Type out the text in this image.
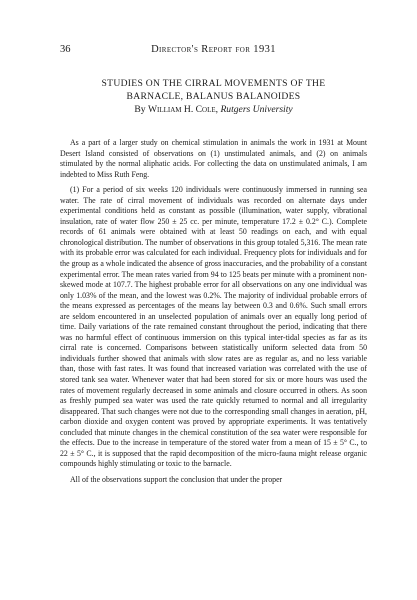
36	Director's Report for 1931
STUDIES ON THE CIRRAL MOVEMENTS OF THE
BARNACLE, BALANUS BALANOIDES
By William H. Cole, Rutgers University

As a part of a larger study on chemical stimulation in animals the work in 1931 at Mount Desert Island consisted of observations on (1) unstimulated animals, and (2) on animals stimulated by the normal aliphatic acids. For collecting the data on unstimulated animals, I am indebted to Miss Ruth Feng.

(1) For a period of six weeks 120 individuals were continuously immersed in running sea water. The rate of cirral movement of individuals was recorded on alternate days under experimental conditions held as constant as possible (illumination, water supply, vibrational insulation, rate of water flow 250 ± 25 cc. per minute, temperature 17.2 ± 0.2° C.). Complete records of 61 animals were obtained with at least 50 readings on each, and with equal chronological distribution. The number of observations in this group totaled 5,316. The mean rate with its probable error was calculated for each individual. Frequency plots for individuals and for the group as a whole indicated the absence of gross inaccuracies, and the probability of a constant experimental error. The mean rates varied from 94 to 125 beats per minute with a prominent non-skewed mode at 107.7. The highest probable error for all observations on any one individual was only 1.03% of the mean, and the lowest was 0.2%. The majority of individual probable errors of the means expressed as percentages of the means lay between 0.3 and 0.6%. Such small errors are seldom encountered in an unselected population of animals over an equally long period of time. Daily variations of the rate remained constant throughout the period, indicating that there was no harmful effect of continuous immersion on this typical inter-tidal species as far as its cirral rate is concerned. Comparisons between statistically uniform selected data from 50 individuals further showed that animals with slow rates are as regular as, and no less variable than, those with fast rates. It was found that increased variation was correlated with the use of stored tank sea water. Whenever water that had been stored for six or more hours was used the rates of movement regularly decreased in some animals and closure occurred in others. As soon as freshly pumped sea water was used the rate quickly returned to normal and all irregularity disappeared. That such changes were not due to the corresponding small changes in aeration, pH, carbon dioxide and oxygen content was proved by appropriate experiments. It was tentatively concluded that minute changes in the chemical constitution of the sea water were responsible for the effects. Due to the increase in temperature of the stored water from a mean of 15 ± 5° C., to 22 ± 5° C., it is supposed that the rapid decomposition of the micro-fauna might release organic compounds highly stimulating or toxic to the barnacle.

All of the observations support the conclusion that under the proper
